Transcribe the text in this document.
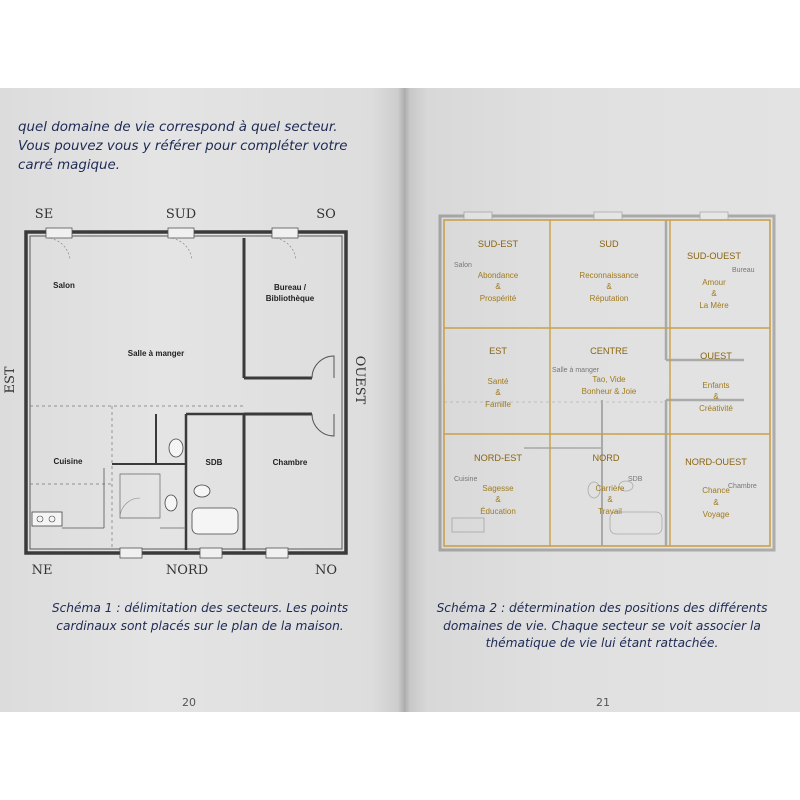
quel domaine de vie correspond à quel secteur.
Vous pouvez vous y référer pour compléter votre
carré magique.

SE	SUD	SO
EST	OUEST
NE	NORD	NO
Salon	Bureau /
Bibliothèque
Salle à manger
Cuisine	SDB	Chambre

Schéma 1 : délimitation des secteurs. Les points
cardinaux sont placés sur le plan de la maison.

20
Salon
Bureau
Salle à manger
Cuisine	SDB
Chambre
SUD-EST
Abondance
&
Prospérité
SUD
Reconnaissance
&
Réputation
SUD-OUEST
Amour
&
La Mère
EST
Santé
&
Famille
CENTRE
Tao, Vide
Bonheur & Joie
OUEST
Enfants
&
Créativité
NORD-EST
Sagesse
&
Éducation
NORD
Carrière
&
Travail
NORD-OUEST
Chance
&
Voyage

Schéma 2 : détermination des positions des différents
domaines de vie. Chaque secteur se voit associer la
thématique de vie lui étant rattachée.

21
